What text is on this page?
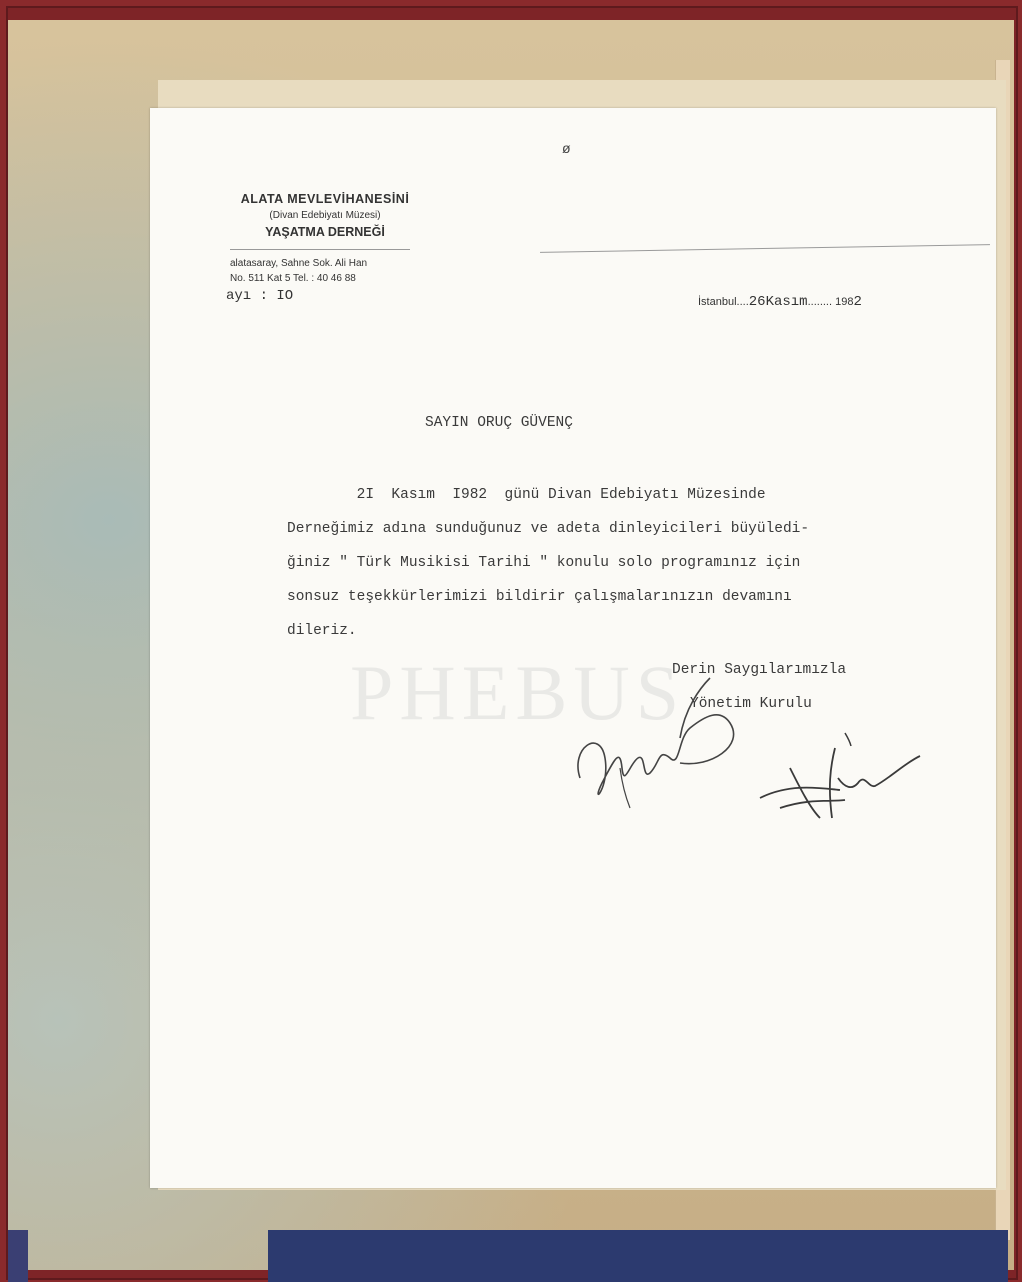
ø
ALATA MEVLEVİHANESİNİ
(Divan Edebiyatı Müzesi)
YAŞATMA DERNEĞİ
alatasaray, Sahne Sok. Ali Han
No. 511 Kat 5 Tel. : 40 46 88
ayı : IO	İstanbul....26Kasım........ 1982
SAYIN ORUÇ GÜVENÇ
2I  Kasım  I982  günü Divan Edebiyatı Müzesinde
Derneğimiz adına sunduğunuz ve adeta dinleyicileri büyüledi-
ğiniz " Türk Musikisi Tarihi " konulu solo programınız için
sonsuz teşekkürlerimizi bildirir çalışmalarınızın devamını
dileriz.
PHEBUS
Derin Saygılarımızla
Yönetim Kurulu
